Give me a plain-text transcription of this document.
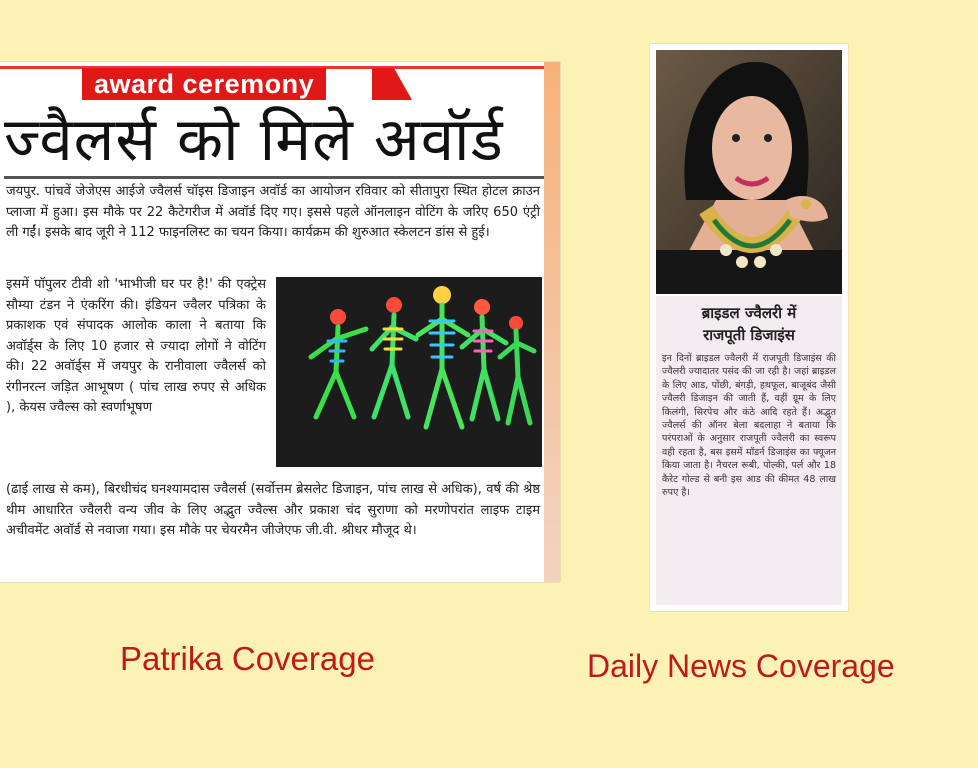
award ceremony
ज्वैलर्स को मिले अवॉर्ड
जयपुर. पांचवें जेजेएस आईजे ज्वैलर्स चॉइस डिजाइन अवॉर्ड का आयोजन रविवार को सीतापुरा स्थित होटल क्राउन प्लाजा में हुआ। इस मौके पर 22 कैटेगरीज में अवॉर्ड दिए गए। इससे पहले ऑनलाइन वोटिंग के जरिए 650 एंट्री ली गईं। इसके बाद जूरी ने 112 फाइनलिस्ट का चयन किया। कार्यक्रम की शुरुआत स्केलटन डांस से हुई।
इसमें पॉपुलर टीवी शो 'भाभीजी घर पर है!' की एक्ट्रेस सौम्या टंडन ने एंकरिंग की। इंडियन ज्वैलर पत्रिका के प्रकाशक एवं संपादक आलोक काला ने बताया कि अवॉर्ड्स के लिए 10 हजार से ज्यादा लोगों ने वोटिंग की। 22 अवॉर्ड्स में जयपुर के रानीवाला ज्वैलर्स को रंगीनरत्न जड़ित आभूषण ( पांच लाख रुपए से अधिक ), केयस ज्वैल्स को स्वर्णाभूषण
(ढाई लाख से कम), बिरधीचंद घनश्यामदास ज्वैलर्स (सर्वोत्तम ब्रेसलेट डिजाइन, पांच लाख से अधिक), वर्ष की श्रेष्ठ थीम आधारित ज्वैलरी वन्य जीव के लिए अद्भुत ज्वैल्स और प्रकाश चंद सुराणा को मरणोपरांत लाइफ टाइम अचीवमेंट अवॉर्ड से नवाजा गया। इस मौके पर चेयरमैन जीजेएफ जी.वी. श्रीधर मौजूद थे।
ब्राइडल ज्वैलरी में
राजपूती डिजाइंस
इन दिनों ब्राइडल ज्वैलरी में राजपूती डिजाइंस की ज्वैलरी ज्यादातर पसंद की जा रही है। जहां ब्राइडल के लिए आड, पोंछी, बंगड़ी, हथफूल, बाजूबंद जैसी ज्वैलरी डिजाइन की जाती हैं, वहीं ग्रूम के लिए किलंगी, सिरपेच और कंठे आदि रहते हैं। अद्भुत ज्वैलर्स की ऑनर बेला बदलाहा ने बताया कि परंपराओं के अनुसार राजपूती ज्वैलरी का स्वरूप वही रहता है, बस इसमें मॉडर्न डिजाइंस का फ्यूजन किया जाता है। नैचरल रूबी, पोल्की, पर्ल और 18 कैरेट गोल्ड से बनी इस आड की कीमत 48 लाख रुपए है।
Patrika Coverage	Daily News Coverage
